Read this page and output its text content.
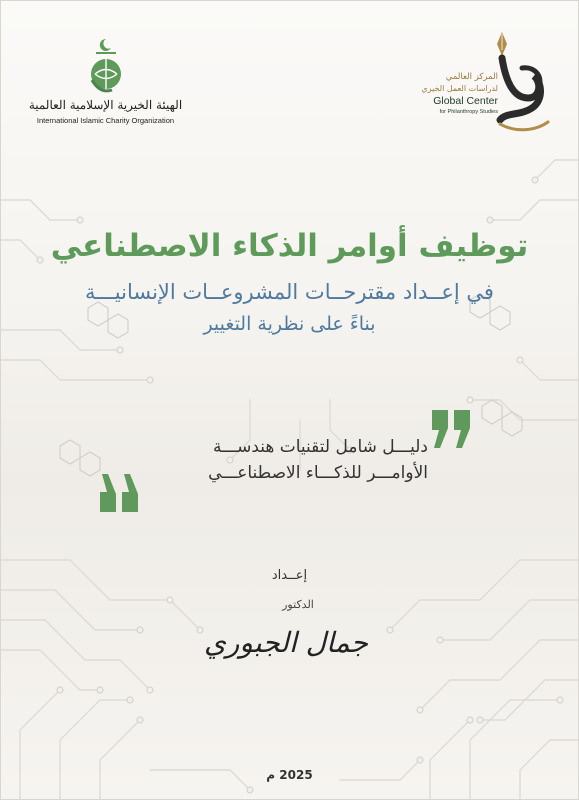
الهيئة الخيرية الإسلامية العالمية
International Islamic Charity Organization
المركز العالمي
لدراسات العمل الخيري
Global Center
for Philanthropy Studies
توظيف أوامر الذكاء الاصطناعي
في إعــداد مقترحــات المشروعــات الإنسانيـــة
بناءً على نظرية التغيير
دليـــل شامل لتقنيات هندســـة
الأوامـــر للذكـــاء الاصطناعـــي
إعــداد
الدكتور
جمال الجبوري
2025 م
